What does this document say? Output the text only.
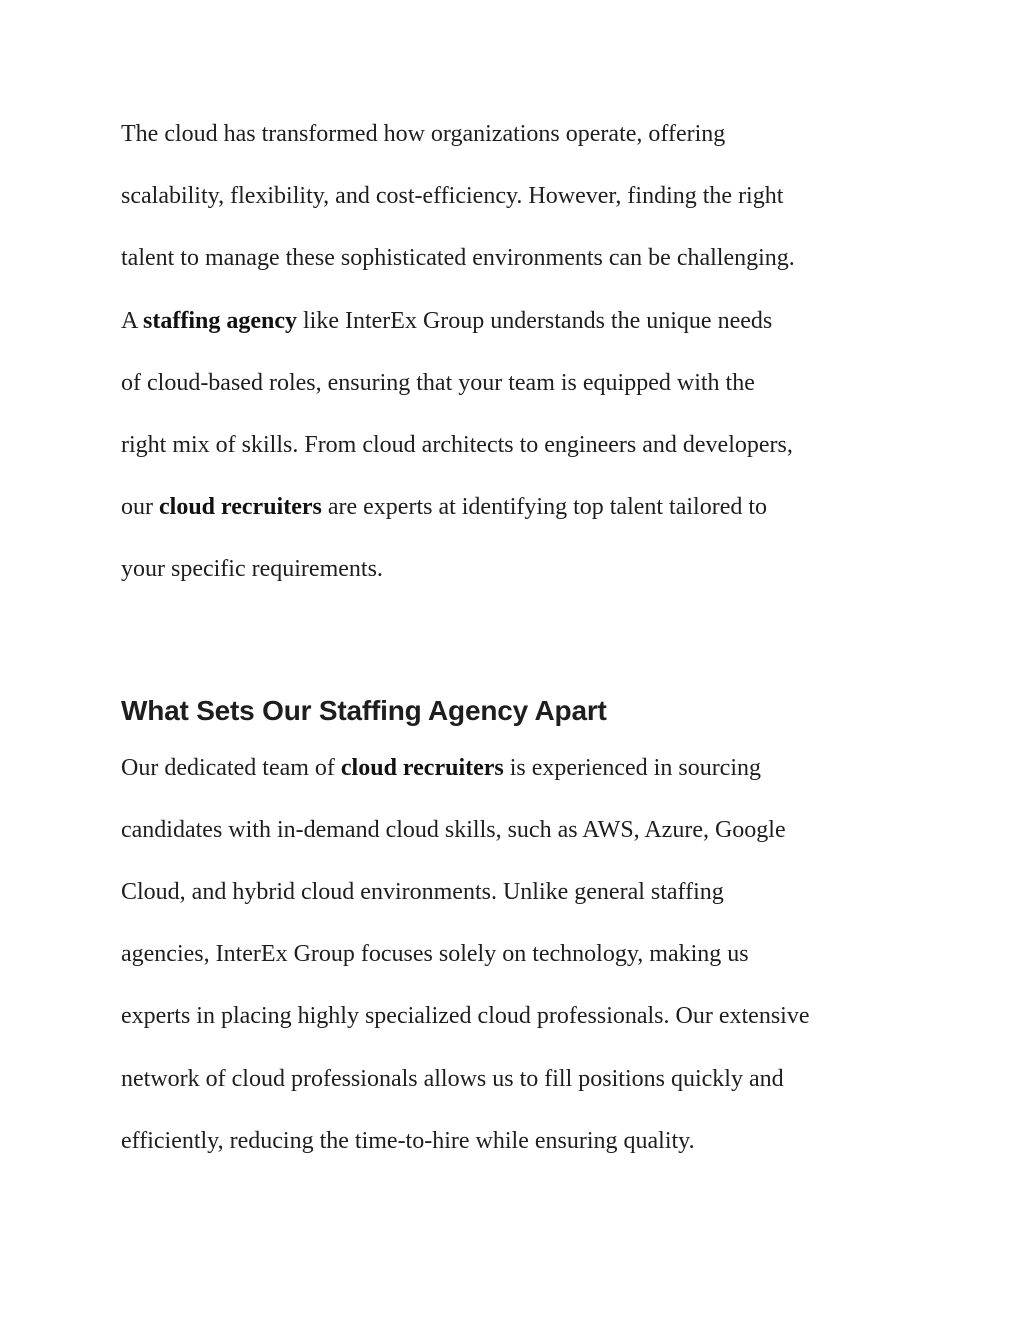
The cloud has transformed how organizations operate, offering
scalability, flexibility, and cost-efficiency. However, finding the right
talent to manage these sophisticated environments can be challenging.
A staffing agency like InterEx Group understands the unique needs
of cloud-based roles, ensuring that your team is equipped with the
right mix of skills. From cloud architects to engineers and developers,
our cloud recruiters are experts at identifying top talent tailored to
your specific requirements.
What Sets Our Staffing Agency Apart
Our dedicated team of cloud recruiters is experienced in sourcing
candidates with in-demand cloud skills, such as AWS, Azure, Google
Cloud, and hybrid cloud environments. Unlike general staffing
agencies, InterEx Group focuses solely on technology, making us
experts in placing highly specialized cloud professionals. Our extensive
network of cloud professionals allows us to fill positions quickly and
efficiently, reducing the time-to-hire while ensuring quality.
